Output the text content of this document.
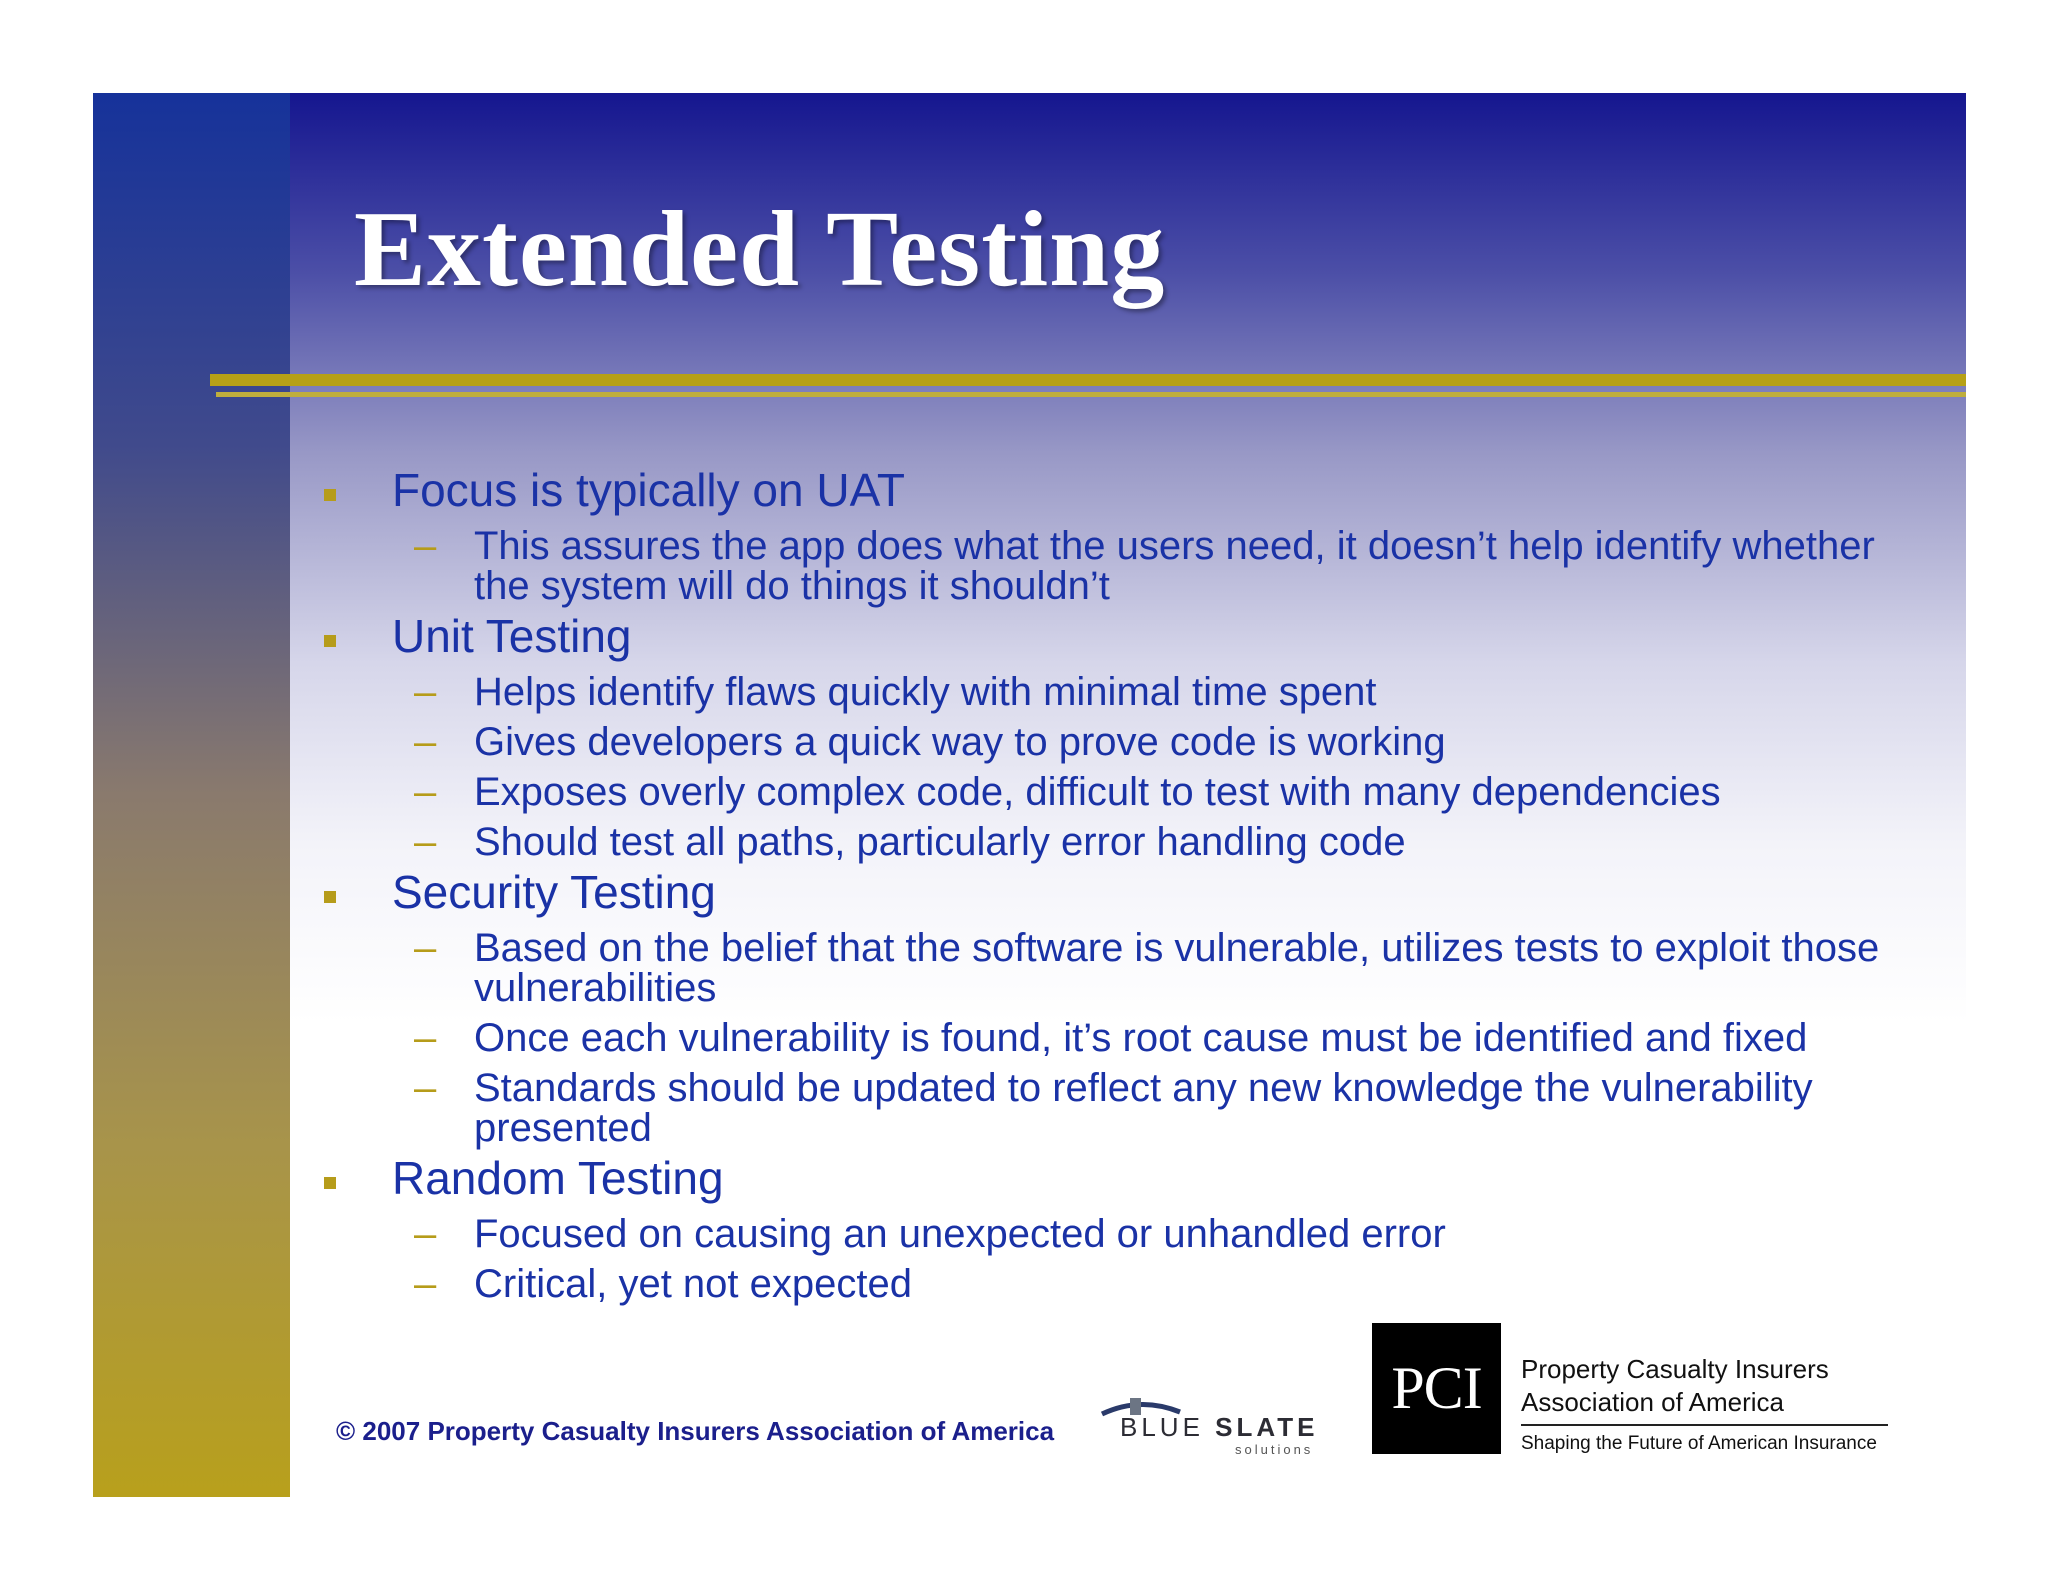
Extended Testing
Focus is typically on UAT
– This assures the app does what the users need, it doesn’t help identify whether the system will do things it shouldn’t
Unit Testing
– Helps identify flaws quickly with minimal time spent
– Gives developers a quick way to prove code is working
– Exposes overly complex code, difficult to test with many dependencies
– Should test all paths, particularly error handling code
Security Testing
– Based on the belief that the software is vulnerable, utilizes tests to exploit those vulnerabilities
– Once each vulnerability is found, it’s root cause must be identified and fixed
– Standards should be updated to reflect any new knowledge the vulnerability presented
Random Testing
– Focused on causing an unexpected or unhandled error
– Critical, yet not expected
© 2007 Property Casualty Insurers Association of America	BLUE SLATE
solutions
PCI Property Casualty Insurers
Association of America
Shaping the Future of American Insurance
